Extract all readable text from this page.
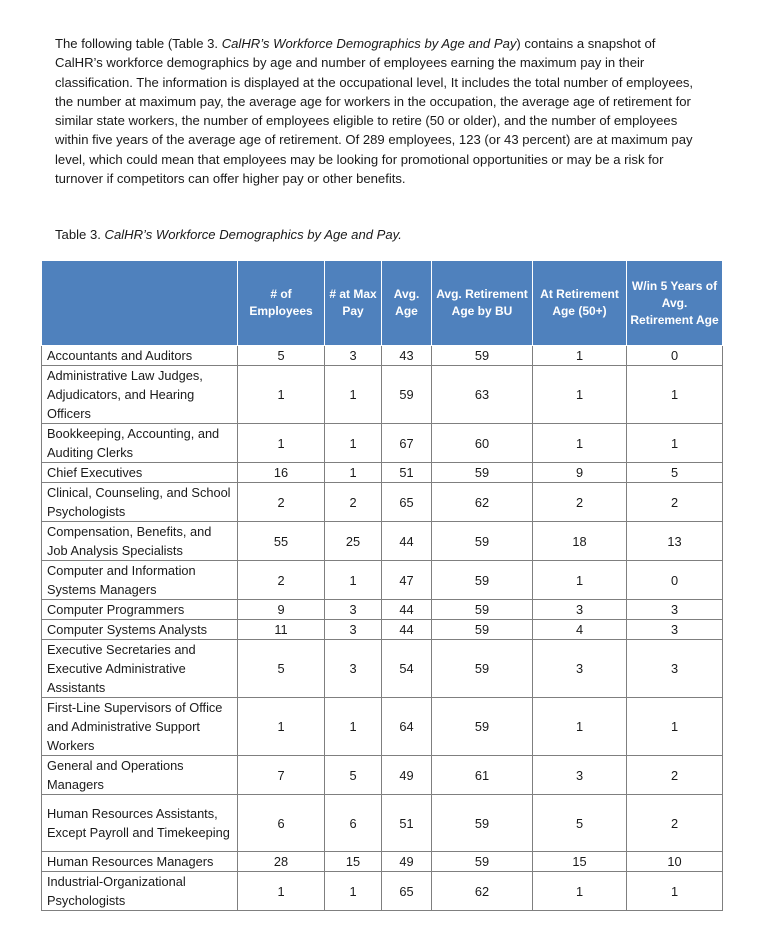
The following table (Table 3. CalHR’s Workforce Demographics by Age and Pay) contains a snapshot of CalHR’s workforce demographics by age and number of employees earning the maximum pay in their classification. The information is displayed at the occupational level, It includes the total number of employees, the number at maximum pay, the average age for workers in the occupation, the average age of retirement for similar state workers, the number of employees eligible to retire (50 or older), and the number of employees within five years of the average age of retirement. Of 289 employees, 123 (or 43 percent) are at maximum pay level, which could mean that employees may be looking for promotional opportunities or may be a risk for turnover if competitors can offer higher pay or other benefits.

Table 3. CalHR’s Workforce Demographics by Age and Pay.

	# of Employees	# at Max Pay	Avg. Age	Avg. Retirement Age by BU	At Retirement Age (50+)	W/in 5 Years of Avg. Retirement Age
Accountants and Auditors	5	3	43	59	1	0
Administrative Law Judges, Adjudicators, and Hearing Officers	1	1	59	63	1	1
Bookkeeping, Accounting, and Auditing Clerks	1	1	67	60	1	1
Chief Executives	16	1	51	59	9	5
Clinical, Counseling, and School Psychologists	2	2	65	62	2	2
Compensation, Benefits, and Job Analysis Specialists	55	25	44	59	18	13
Computer and Information Systems Managers	2	1	47	59	1	0
Computer Programmers	9	3	44	59	3	3
Computer Systems Analysts	11	3	44	59	4	3
Executive Secretaries and Executive Administrative Assistants	5	3	54	59	3	3
First-Line Supervisors of Office and Administrative Support Workers	1	1	64	59	1	1
General and Operations Managers	7	5	49	61	3	2
Human Resources Assistants, Except Payroll and Timekeeping	6	6	51	59	5	2
Human Resources Managers	28	15	49	59	15	10
Industrial-Organizational Psychologists	1	1	65	62	1	1
